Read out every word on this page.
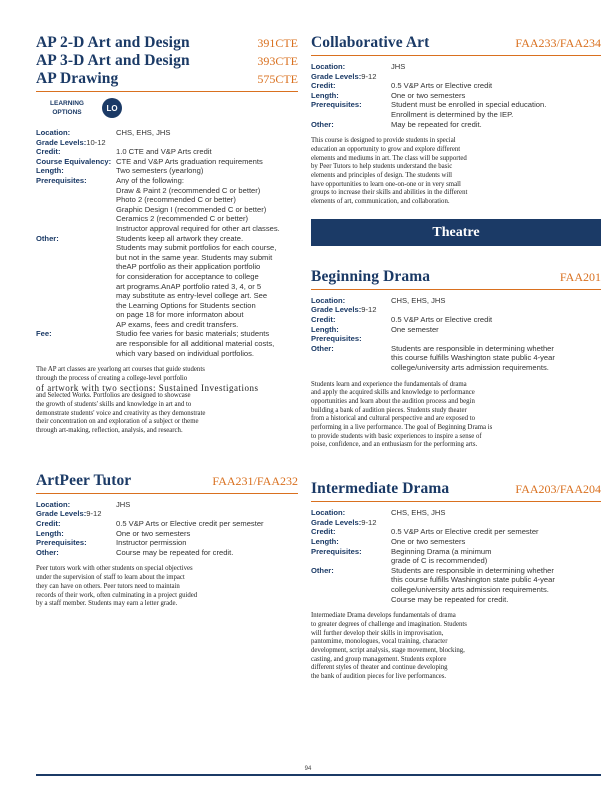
AP 2-D Art and Design	391CTE
AP 3-D Art and Design	393CTE
AP Drawing	575CTE
LEARNING
OPTIONS	LO
Location:	CHS, EHS, JHS
Grade Levels: 10-12
Credit:	1.0 CTE and V&P Arts credit
Course Equivalency: CTE and V&P Arts graduation requirements
Length:	Two semesters (yearlong)
Prerequisites:	Any of the following:
Draw & Paint 2 (recommended C or better)
Photo 2 (recommended C or better)
Graphic Design I (recommended C or better)
Ceramics 2 (recommended C or better)
Instructor approval required for other art classes.
Other:	Students keep all artwork they create.
Students may submit portfolios for each course,
but not in the same year. Students may submit
theAP portfolio as their application portfolio
for consideration for acceptance to college
art programs.AnAP portfolio rated 3, 4, or 5
may substitute as entry-level college art. See
the Learning Options for Students section
on page 18 for more informaton about
AP exams, fees and credit transfers.
Fee:	Studio fee varies for basic materials; students
are responsible for all additional material costs,
which vary based on individual portfolios.
The AP art classes are yearlong art courses that guide students
through the process of creating a college-level portfolio
of artwork with two sections: Sustained Investigations
and Selected Works. Portfolios are designed to showcase
the growth of students' skills and knowledge in art and to
demonstrate students' voice and creativity as they demonstrate
their concentration on and exploration of a subject or theme
through art-making, reflection, analysis, and research.
ArtPeer Tutor	FAA231/FAA232
Location:	JHS
Grade Levels: 9-12
Credit:	0.5 V&P Arts or Elective credit per semester
Length:	One or two semesters
Prerequisites:	Instructor permission
Other:	Course may be repeated for credit.
Peer tutors work with other students on special objectives
under the supervision of staff to learn about the impact
they can have on others. Peer tutors need to maintain
records of their work, often culminating in a project guided
by a staff member. Students may earn a letter grade.
Collaborative Art	FAA233/FAA234
Location:	JHS
Grade Levels: 9-12
Credit:	0.5 V&P Arts or Elective credit
Length:	One or two semesters
Prerequisites:	Student must be enrolled in special education.
Enrollment is determined by the IEP.
Other:	May be repeated for credit.
This course is designed to provide students in special
education an opportunity to grow and explore different
elements and mediums in art. The class will be supported
by Peer Tutors to help students understand the basic
elements and principles of design. The students will
have opportunities to learn one-on-one or in very small
groups to increase their skills and abilities in the different
elements of art, communication, and collaboration.
Theatre
Beginning Drama	FAA201
Location:	CHS, EHS, JHS
Grade Levels: 9-12
Credit:	0.5 V&P Arts or Elective credit
Length:	One semester
Prerequisites:
Other:	Students are responsible in determining whether
this course fulfills Washington state public 4-year
college/university arts admission requirements.
Students learn and experience the fundamentals of drama
and apply the acquired skills and knowledge to performance
opportunities and learn about the audition process and begin
building a bank of audition pieces. Students study theater
from a historical and cultural perspective and are exposed to
performing in a live performance. The goal of Beginning Drama is
to provide students with basic experiences to inspire a sense of
poise, confidence, and an enthusiasm for the performing arts.
Intermediate Drama	FAA203/FAA204
Location:	CHS, EHS, JHS
Grade Levels: 9-12
Credit:	0.5 V&P Arts or Elective credit per semester
Length:	One or two semesters
Prerequisites:	Beginning Drama (a minimum
grade of C is recommended)
Other:	Students are responsible in determining whether
this course fulfills Washington state public 4-year
college/university arts admission requirements.
Course may be repeated for credit.
Intermediate Drama develops fundamentals of drama
to greater degrees of challenge and imagination. Students
will further develop their skills in improvisation,
pantomime, monologues, vocal training, character
development, script analysis, stage movement, blocking,
casting, and group management. Students explore
different styles of theater and continue developing
the bank of audition pieces for live performances.
94
